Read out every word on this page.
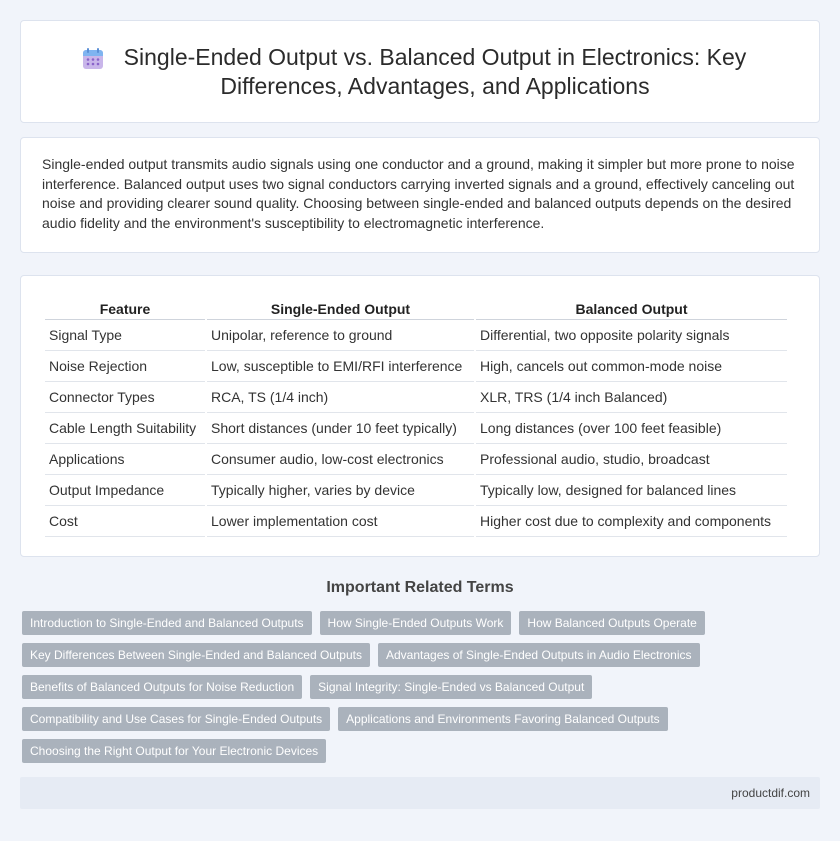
Single-Ended Output vs. Balanced Output in Electronics: Key Differences, Advantages, and Applications

Single-ended output transmits audio signals using one conductor and a ground, making it simpler but more prone to noise interference. Balanced output uses two signal conductors carrying inverted signals and a ground, effectively canceling out noise and providing clearer sound quality. Choosing between single-ended and balanced outputs depends on the desired audio fidelity and the environment's susceptibility to electromagnetic interference.

Feature	Single-Ended Output	Balanced Output
Signal Type	Unipolar, reference to ground	Differential, two opposite polarity signals
Noise Rejection	Low, susceptible to EMI/RFI interference	High, cancels out common-mode noise
Connector Types	RCA, TS (1/4 inch)	XLR, TRS (1/4 inch Balanced)
Cable Length Suitability	Short distances (under 10 feet typically)	Long distances (over 100 feet feasible)
Applications	Consumer audio, low-cost electronics	Professional audio, studio, broadcast
Output Impedance	Typically higher, varies by device	Typically low, designed for balanced lines
Cost	Lower implementation cost	Higher cost due to complexity and components
Important Related Terms
Introduction to Single-Ended and Balanced Outputs	How Single-Ended Outputs Work	How Balanced Outputs Operate
Key Differences Between Single-Ended and Balanced Outputs	Advantages of Single-Ended Outputs in Audio Electronics
Benefits of Balanced Outputs for Noise Reduction	Signal Integrity: Single-Ended vs Balanced Output
Compatibility and Use Cases for Single-Ended Outputs	Applications and Environments Favoring Balanced Outputs
Choosing the Right Output for Your Electronic Devices
productdif.com
